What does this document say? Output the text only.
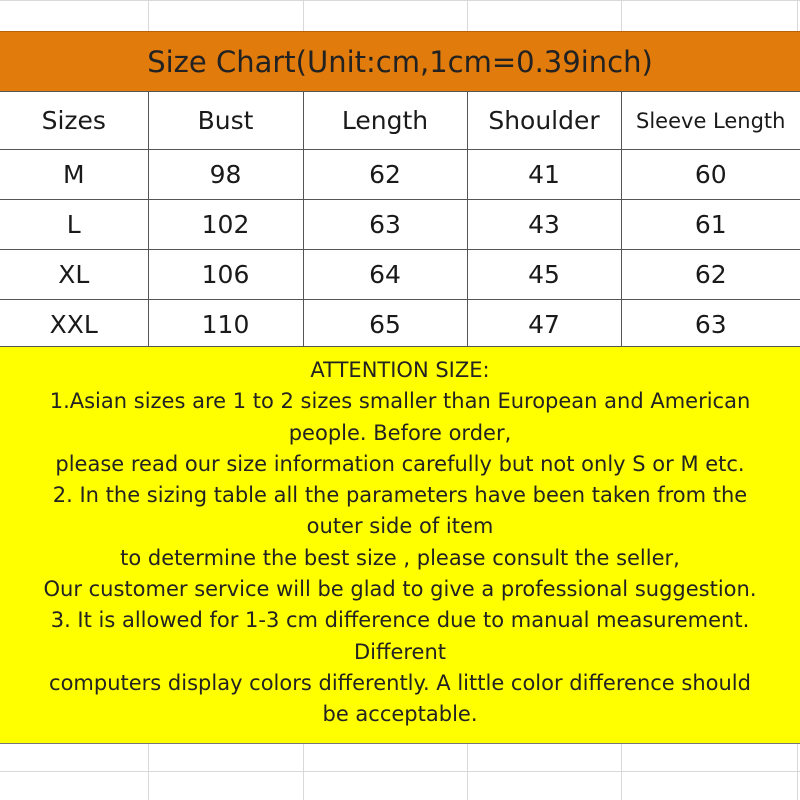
Size Chart(Unit:cm,1cm=0.39inch)
Sizes	Bust	Length	Shoulder	Sleeve Length
M	98	62	41	60
L	102	63	43	61
XL	106	64	45	62
XXL	110	65	47	63
ATTENTION SIZE:
1.Asian sizes are 1 to 2 sizes smaller than European and American
people. Before order,
please read our size information carefully but not only S or M etc.
2. In the sizing table all the parameters have been taken from the
outer side of item
to determine the best size , please consult the seller,
Our customer service will be glad to give a professional suggestion.
3. It is allowed for 1-3 cm difference due to manual measurement.
Different
computers display colors differently. A little color difference should
be acceptable.
